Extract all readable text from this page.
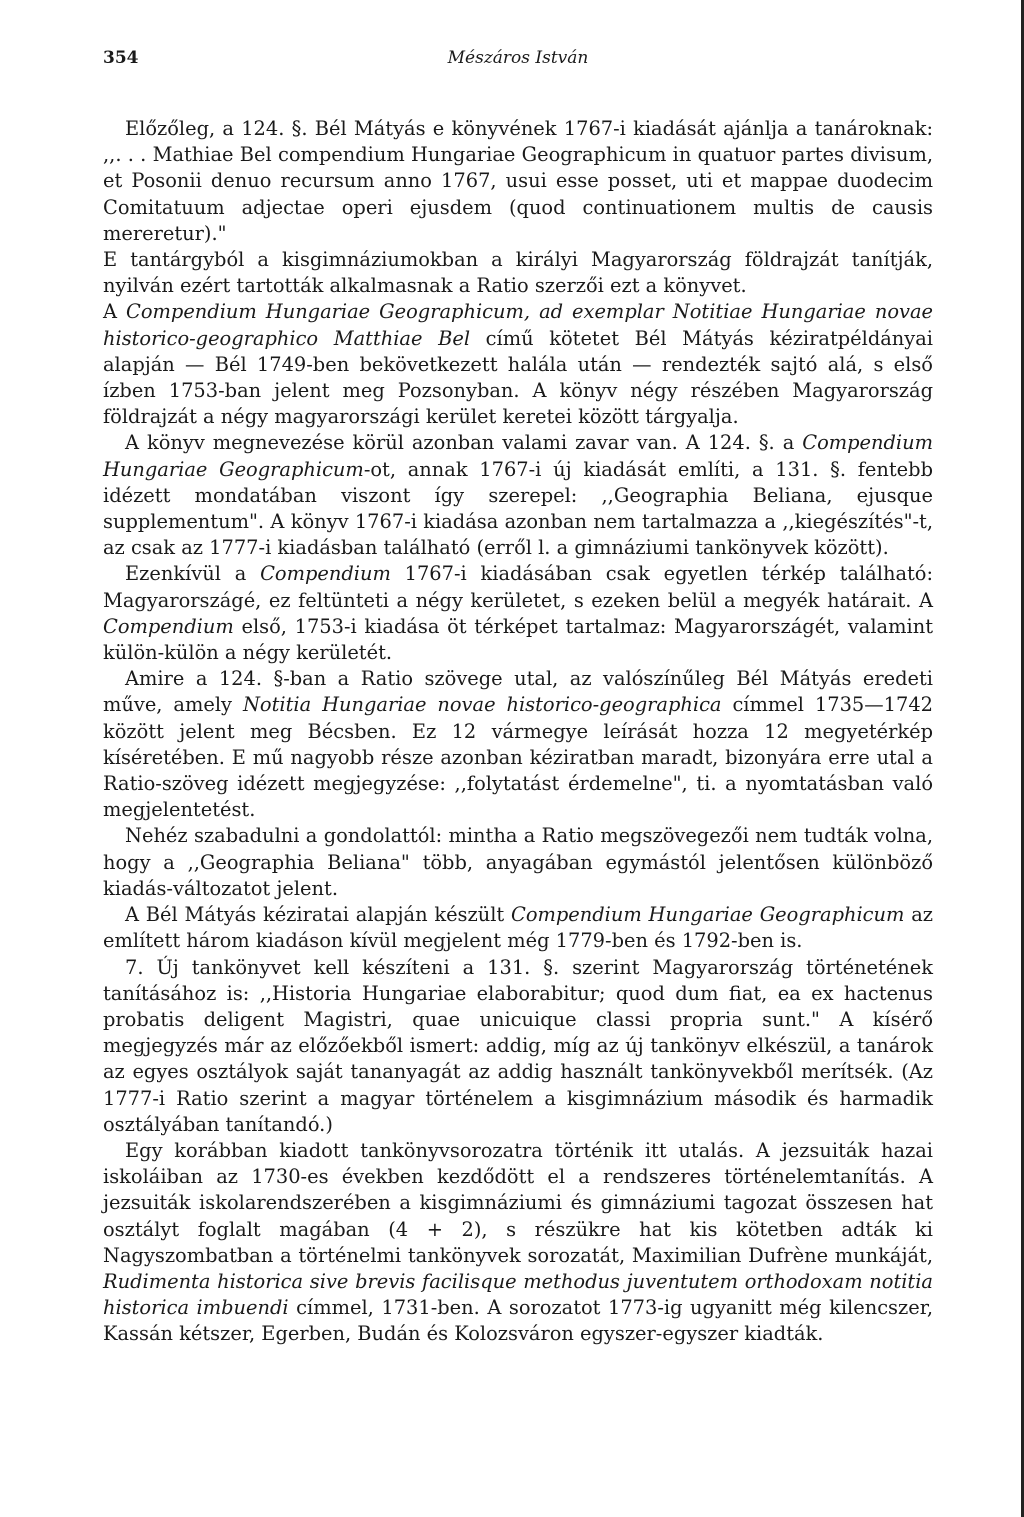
354	Mészáros István

Előzőleg, a 124. §. Bél Mátyás e könyvének 1767-i kiadását ajánlja a tanároknak: ,,. . . Mathiae Bel compendium Hungariae Geographicum in quatuor partes divisum, et Posonii denuo recursum anno 1767, usui esse posset, uti et mappae duodecim Comitatuum adjectae operi ejusdem (quod continuationem multis de causis mereretur)."

E tantárgyból a kisgimnáziumokban a királyi Magyarország földrajzát tanítják, nyilván ezért tartották alkalmasnak a Ratio szerzői ezt a könyvet.

A Compendium Hungariae Geographicum, ad exemplar Notitiae Hungariae novae historico-geographico Matthiae Bel című kötetet Bél Mátyás kéziratpéldányai alapján — Bél 1749-ben bekövetkezett halála után — rendezték sajtó alá, s első ízben 1753-ban jelent meg Pozsonyban. A könyv négy részében Magyarország földrajzát a négy magyarországi kerület keretei között tárgyalja.

A könyv megnevezése körül azonban valami zavar van. A 124. §. a Compendium Hungariae Geographicum-ot, annak 1767-i új kiadását említi, a 131. §. fentebb idézett mondatában viszont így szerepel: ,,Geographia Beliana, ejusque supplementum". A könyv 1767-i kiadása azonban nem tartalmazza a ,,kiegészítés"-t, az csak az 1777-i kiadásban található (erről l. a gimnáziumi tankönyvek között).

Ezenkívül a Compendium 1767-i kiadásában csak egyetlen térkép található: Magyarországé, ez feltünteti a négy kerületet, s ezeken belül a megyék határait. A Compendium első, 1753-i kiadása öt térképet tartalmaz: Magyarországét, valamint külön-külön a négy kerületét.

Amire a 124. §-ban a Ratio szövege utal, az valószínűleg Bél Mátyás eredeti műve, amely Notitia Hungariae novae historico-geographica címmel 1735—1742 között jelent meg Bécsben. Ez 12 vármegye leírását hozza 12 megyetérkép kíséretében. E mű nagyobb része azonban kéziratban maradt, bizonyára erre utal a Ratio-szöveg idézett megjegyzése: ,,folytatást érdemelne", ti. a nyomtatásban való megjelentetést.

Nehéz szabadulni a gondolattól: mintha a Ratio megszövegezői nem tudták volna, hogy a ,,Geographia Beliana" több, anyagában egymástól jelentősen különböző kiadás-változatot jelent.

A Bél Mátyás kéziratai alapján készült Compendium Hungariae Geographicum az említett három kiadáson kívül megjelent még 1779-ben és 1792-ben is.

7. Új tankönyvet kell készíteni a 131. §. szerint Magyarország történetének tanításához is: ,,Historia Hungariae elaborabitur; quod dum fiat, ea ex hactenus probatis deligent Magistri, quae unicuique classi propria sunt." A kísérő megjegyzés már az előzőekből ismert: addig, míg az új tankönyv elkészül, a tanárok az egyes osztályok saját tananyagát az addig használt tankönyvekből merítsék. (Az 1777-i Ratio szerint a magyar történelem a kisgimnázium második és harmadik osztályában tanítandó.)

Egy korábban kiadott tankönyvsorozatra történik itt utalás. A jezsuiták hazai iskoláiban az 1730-es években kezdődött el a rendszeres történelemtanítás. A jezsuiták iskolarendszerében a kisgimnáziumi és gimnáziumi tagozat összesen hat osztályt foglalt magában (4 + 2), s részükre hat kis kötetben adták ki Nagyszombatban a történelmi tankönyvek sorozatát, Maximilian Dufrène munkáját, Rudimenta historica sive brevis facilisque methodus juventutem orthodoxam notitia historica imbuendi címmel, 1731-ben. A sorozatot 1773-ig ugyanitt még kilencszer, Kassán kétszer, Egerben, Budán és Kolozsváron egyszer-egyszer kiadták.
